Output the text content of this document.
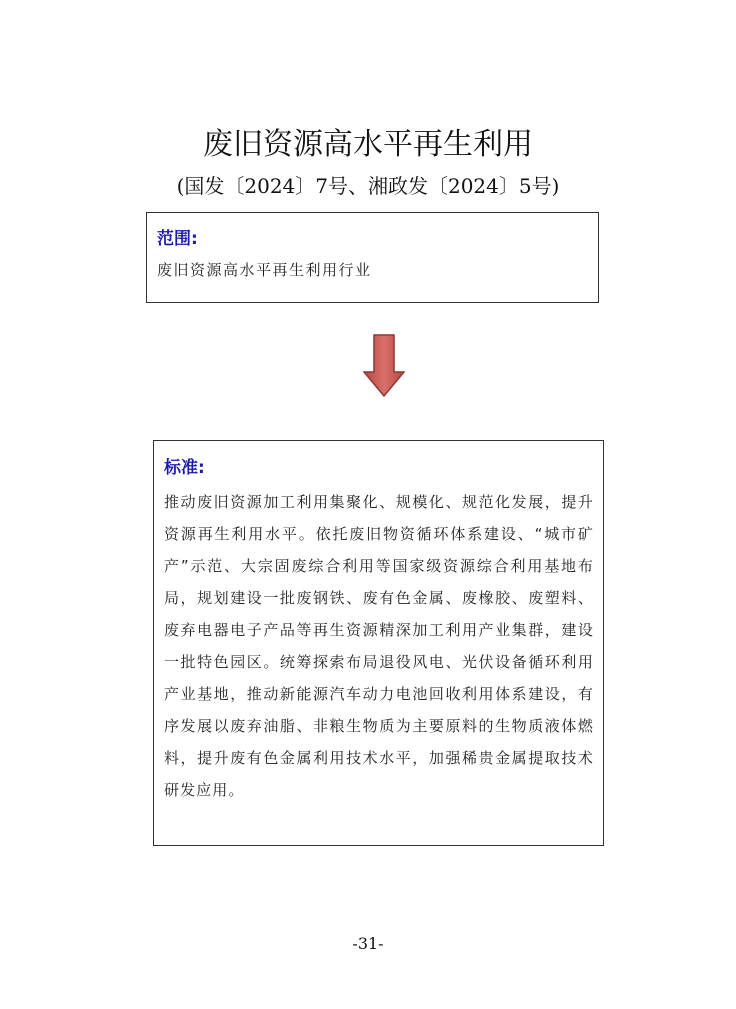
废旧资源高水平再生利用
(国发〔2024〕7号、湘政发〔2024〕5号)
范围:
废旧资源高水平再生利用行业
标准:
推动废旧资源加工利用集聚化、规模化、规范化发展，提升资源再生利用水平。依托废旧物资循环体系建设、“城市矿产”示范、大宗固废综合利用等国家级资源综合利用基地布局，规划建设一批废钢铁、废有色金属、废橡胶、废塑料、废弃电器电子产品等再生资源精深加工利用产业集群，建设一批特色园区。统筹探索布局退役风电、光伏设备循环利用产业基地，推动新能源汽车动力电池回收利用体系建设，有序发展以废弃油脂、非粮生物质为主要原料的生物质液体燃料，提升废有色金属利用技术水平，加强稀贵金属提取技术研发应用。
-31-
